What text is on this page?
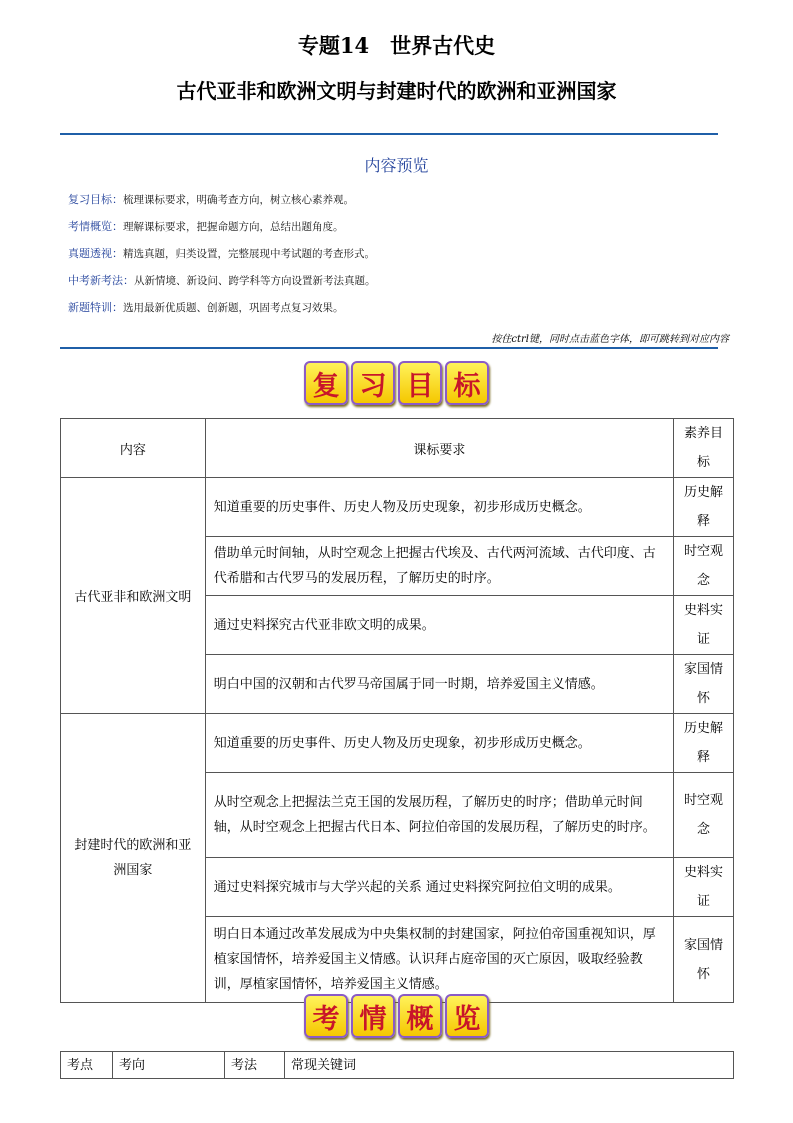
专题14　世界古代史
古代亚非和欧洲文明与封建时代的欧洲和亚洲国家
内容预览
复习目标：梳理课标要求，明确考查方向，树立核心素养观。
考情概览：理解课标要求，把握命题方向，总结出题角度。
真题透视：精选真题，归类设置，完整展现中考试题的考查形式。
中考新考法：从新情境、新设问、跨学科等方向设置新考法真题。
新题特训：选用最新优质题、创新题，巩固考点复习效果。
按住ctrl键，同时点击蓝色字体，即可跳转到对应内容
复 习 目 标
内容	课标要求	素养目标
古代亚非和欧洲文明	知道重要的历史事件、历史人物及历史现象，初步形成历史概念。	历史解释
	借助单元时间轴，从时空观念上把握古代埃及、古代两河流域、古代印度、古代希腊和古代罗马的发展历程，了解历史的时序。	时空观念
	通过史料探究古代亚非欧文明的成果。	史料实证
	明白中国的汉朝和古代罗马帝国属于同一时期，培养爱国主义情感。	家国情怀
封建时代的欧洲和亚洲国家	知道重要的历史事件、历史人物及历史现象，初步形成历史概念。	历史解释
	从时空观念上把握法兰克王国的发展历程，了解历史的时序；借助单元时间轴，从时空观念上把握古代日本、阿拉伯帝国的发展历程，了解历史的时序。	时空观念
	通过史料探究城市与大学兴起的关系 通过史料探究阿拉伯文明的成果。	史料实证
	明白日本通过改革发展成为中央集权制的封建国家，阿拉伯帝国重视知识，厚植家国情怀，培养爱国主义情感。认识拜占庭帝国的灭亡原因，吸取经验教训，厚植家国情怀，培养爱国主义情感。	家国情怀
考 情 概 览
考点	考向	考法	常现关键词
